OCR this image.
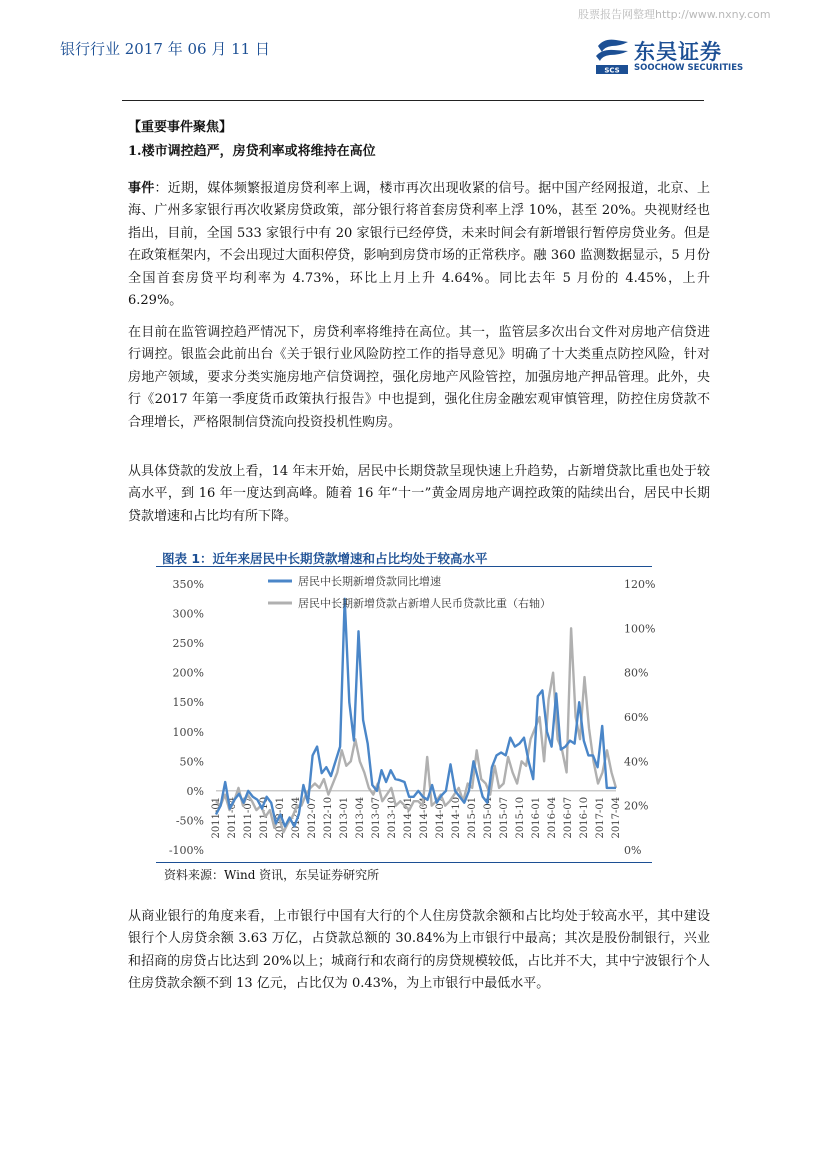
股票报告网整理http://www.nxny.com
银行行业 2017 年 06 月 11 日
SCS
东吴证券
SOOCHOW SECURITIES
【重要事件聚焦】
1.楼市调控趋严，房贷利率或将维持在高位
事件：近期，媒体频繁报道房贷利率上调，楼市再次出现收紧的信号。据中国产经网报道，北京、上海、广州多家银行再次收紧房贷政策，部分银行将首套房贷利率上浮 10%，甚至 20%。央视财经也指出，目前，全国 533 家银行中有 20 家银行已经停贷，未来时间会有新增银行暂停房贷业务。但是在政策框架内，不会出现过大面积停贷，影响到房贷市场的正常秩序。融 360 监测数据显示，5 月份全国首套房贷平均利率为 4.73%，环比上月上升 4.64%。同比去年 5 月份的 4.45%，上升 6.29%。
在目前在监管调控趋严情况下，房贷利率将维持在高位。其一，监管层多次出台文件对房地产信贷进行调控。银监会此前出台《关于银行业风险防控工作的指导意见》明确了十大类重点防控风险，针对房地产领域，要求分类实施房地产信贷调控，强化房地产风险管控，加强房地产押品管理。此外，央行《2017 年第一季度货币政策执行报告》中也提到，强化住房金融宏观审慎管理，防控住房贷款不合理增长，严格限制信贷流向投资投机性购房。
从具体贷款的发放上看，14 年末开始，居民中长期贷款呈现快速上升趋势，占新增贷款比重也处于较高水平，到 16 年一度达到高峰。随着 16 年“十一”黄金周房地产调控政策的陆续出台，居民中长期贷款增速和占比均有所下降。
图表 1：近年来居民中长期贷款增速和占比均处于较高水平
-100%
-50%
0%
50%
100%
150%
200%
250%
300%
350%
0%
20%
40%
60%
80%
100%
120%
2011-01 2011-04 2011-07 2011-10 2012-01 2012-04 2012-07 2012-10 2013-01 2013-04 2013-07 2013-10 2014-01 2014-04 2014-07 2014-10 2015-01 2015-04 2015-07 2015-10 2016-01 2016-04 2016-07 2016-10 2017-01 2017-04
居民中长期新增贷款同比增速
居民中长期新增贷款占新增人民币贷款比重（右轴）
资料来源：Wind 资讯，东吴证券研究所
从商业银行的角度来看，上市银行中国有大行的个人住房贷款余额和占比均处于较高水平，其中建设银行个人房贷余额 3.63 万亿，占贷款总额的 30.84%为上市银行中最高；其次是股份制银行，兴业和招商的房贷占比达到 20%以上；城商行和农商行的房贷规模较低，占比并不大，其中宁波银行个人住房贷款余额不到 13 亿元，占比仅为 0.43%，为上市银行中最低水平。
